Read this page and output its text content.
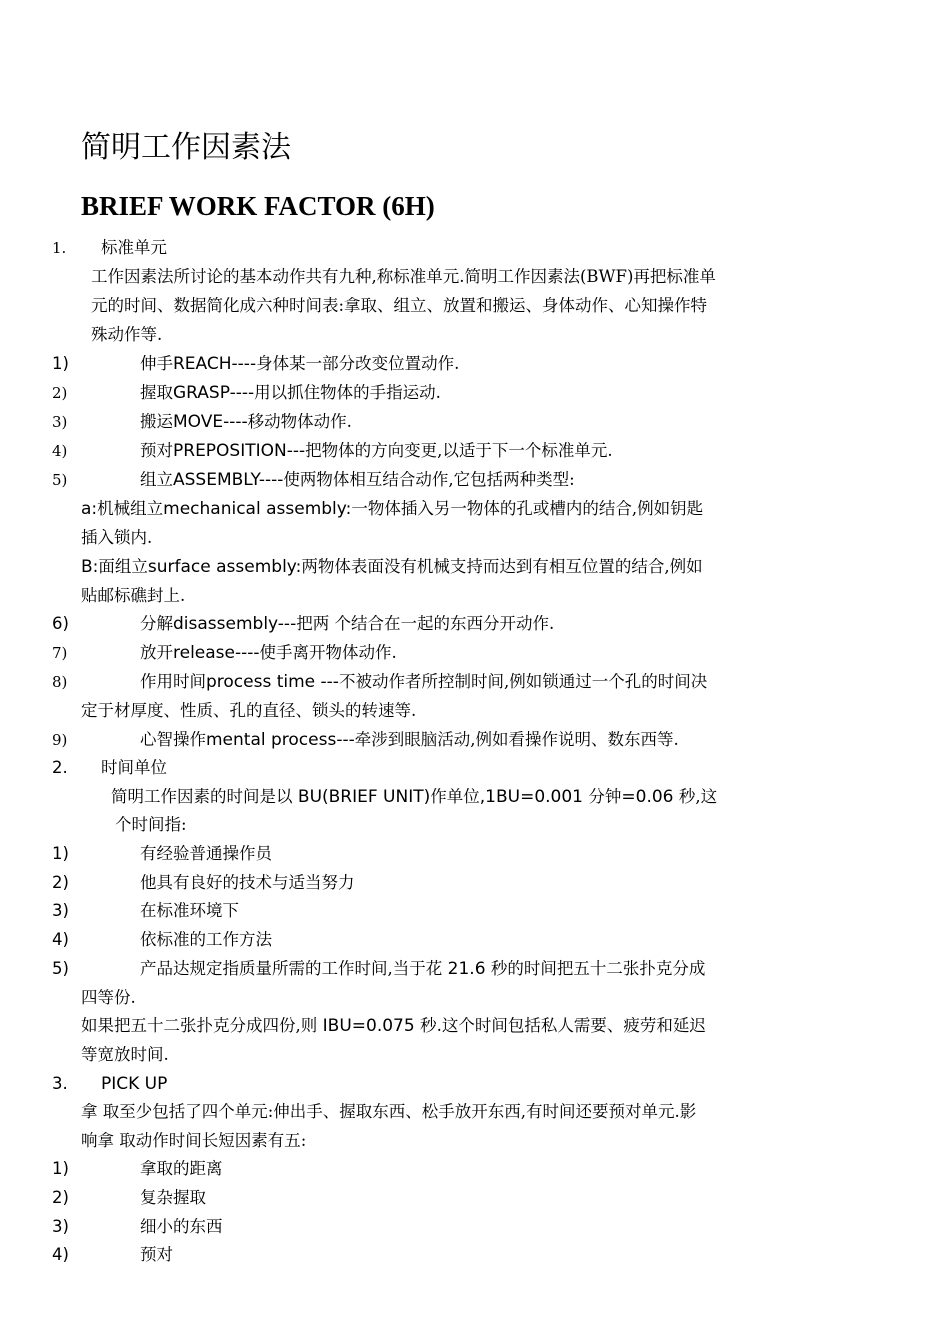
简明工作因素法
BRIEF WORK FACTOR (6H)
1. 标准单元
工作因素法所讨论的基本动作共有九种,称标准单元.简明工作因素法(BWF)再把标准单
元的时间、数据简化成六种时间表:拿取、组立、放置和搬运、身体动作、心知操作特
殊动作等.
1)	伸手REACH----身体某一部分改变位置动作.
2)	握取GRASP----用以抓住物体的手指运动.
3)	搬运MOVE----移动物体动作.
4)	预对PREPOSITION---把物体的方向变更,以适于下一个标准单元.
5)	组立ASSEMBLY----使两物体相互结合动作,它包括两种类型:
a:机械组立mechanical assembly:一物体插入另一物体的孔或槽内的结合,例如钥匙
插入锁内.
B:面组立surface assembly:两物体表面没有机械支持而达到有相互位置的结合,例如
贴邮标礁封上.
6)	分解disassembly---把两 个结合在一起的东西分开动作.
7)	放开release----使手离开物体动作.
8)	作用时间process time ---不被动作者所控制时间,例如锁通过一个孔的时间决
定于材厚度、性质、孔的直径、锁头的转速等.
9)	心智操作mental process---牵涉到眼脑活动,例如看操作说明、数东西等.
2. 时间单位
简明工作因素的时间是以 BU(BRIEF UNIT)作单位,1BU=0.001 分钟=0.06 秒,这
个时间指:
1)	有经验普通操作员
2)	他具有良好的技术与适当努力
3)	在标准环境下
4)	依标准的工作方法
5)	产品达规定指质量所需的工作时间,当于花 21.6 秒的时间把五十二张扑克分成
四等份.
如果把五十二张扑克分成四份,则 IBU=0.075 秒.这个时间包括私人需要、疲劳和延迟
等宽放时间.
3. PICK UP
拿 取至少包括了四个单元:伸出手、握取东西、松手放开东西,有时间还要预对单元.影
响拿 取动作时间长短因素有五:
1)	拿取的距离
2)	复杂握取
3)	细小的东西
4)	预对
